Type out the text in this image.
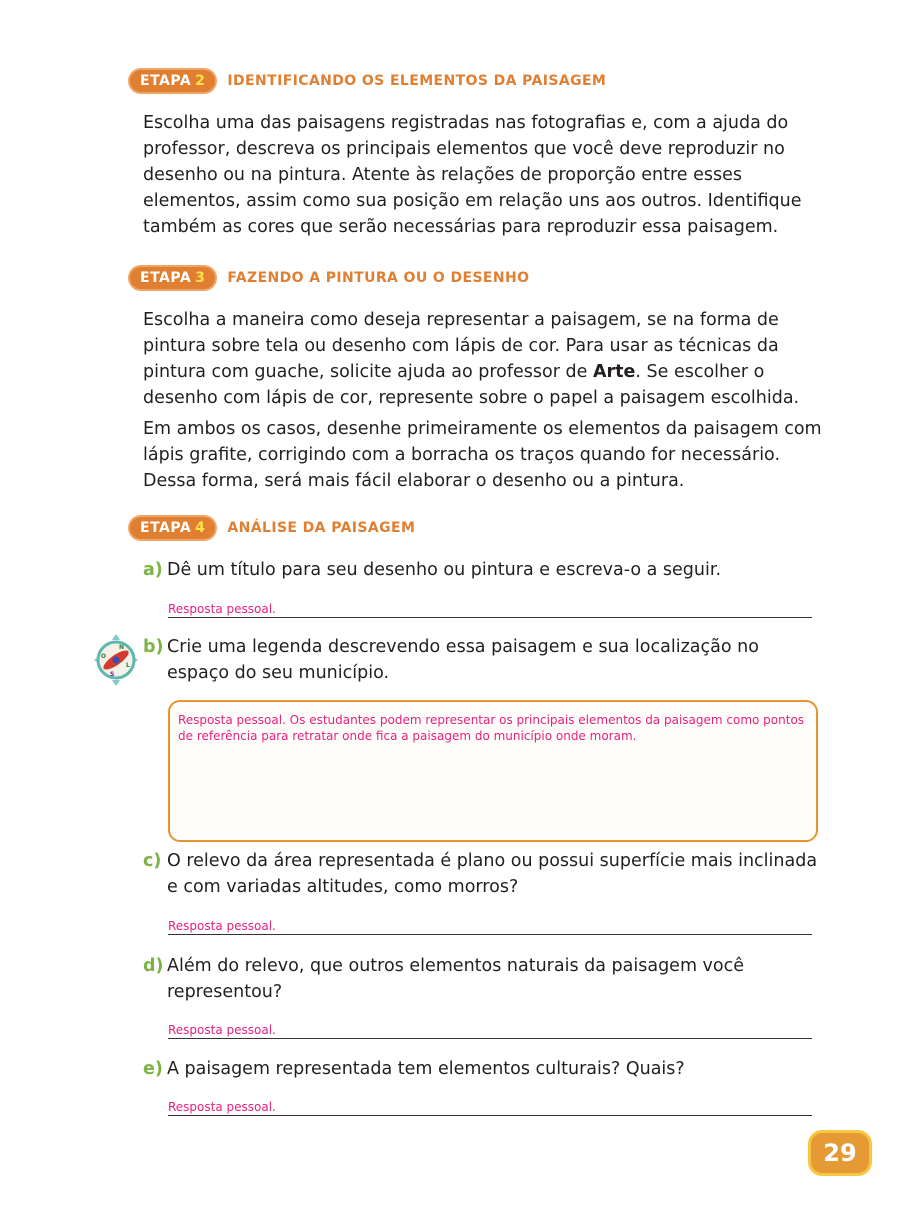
ETAPA 2	IDENTIFICANDO OS ELEMENTOS DA PAISAGEM

Escolha uma das paisagens registradas nas fotografias e, com a ajuda do professor, descreva os principais elementos que você deve reproduzir no desenho ou na pintura. Atente às relações de proporção entre esses elementos, assim como sua posição em relação uns aos outros. Identifique também as cores que serão necessárias para reproduzir essa paisagem.

ETAPA 3	FAZENDO A PINTURA OU O DESENHO

Escolha a maneira como deseja representar a paisagem, se na forma de pintura sobre tela ou desenho com lápis de cor. Para usar as técnicas da pintura com guache, solicite ajuda ao professor de Arte. Se escolher o desenho com lápis de cor, represente sobre o papel a paisagem escolhida.

Em ambos os casos, desenhe primeiramente os elementos da paisagem com lápis grafite, corrigindo com a borracha os traços quando for necessário. Dessa forma, será mais fácil elaborar o desenho ou a pintura.

ETAPA 4	ANÁLISE DA PAISAGEM
a) Dê um título para seu desenho ou pintura e escreva-o a seguir.
Resposta pessoal.
N
S
L
O b) Crie uma legenda descrevendo essa paisagem e sua localização no espaço do seu município.
Resposta pessoal. Os estudantes podem representar os principais elementos da paisagem como pontos de referência para retratar onde fica a paisagem do município onde moram.
c) O relevo da área representada é plano ou possui superfície mais inclinada e com variadas altitudes, como morros?
Resposta pessoal.
d) Além do relevo, que outros elementos naturais da paisagem você representou?
Resposta pessoal.
e) A paisagem representada tem elementos culturais? Quais?
Resposta pessoal.
29
